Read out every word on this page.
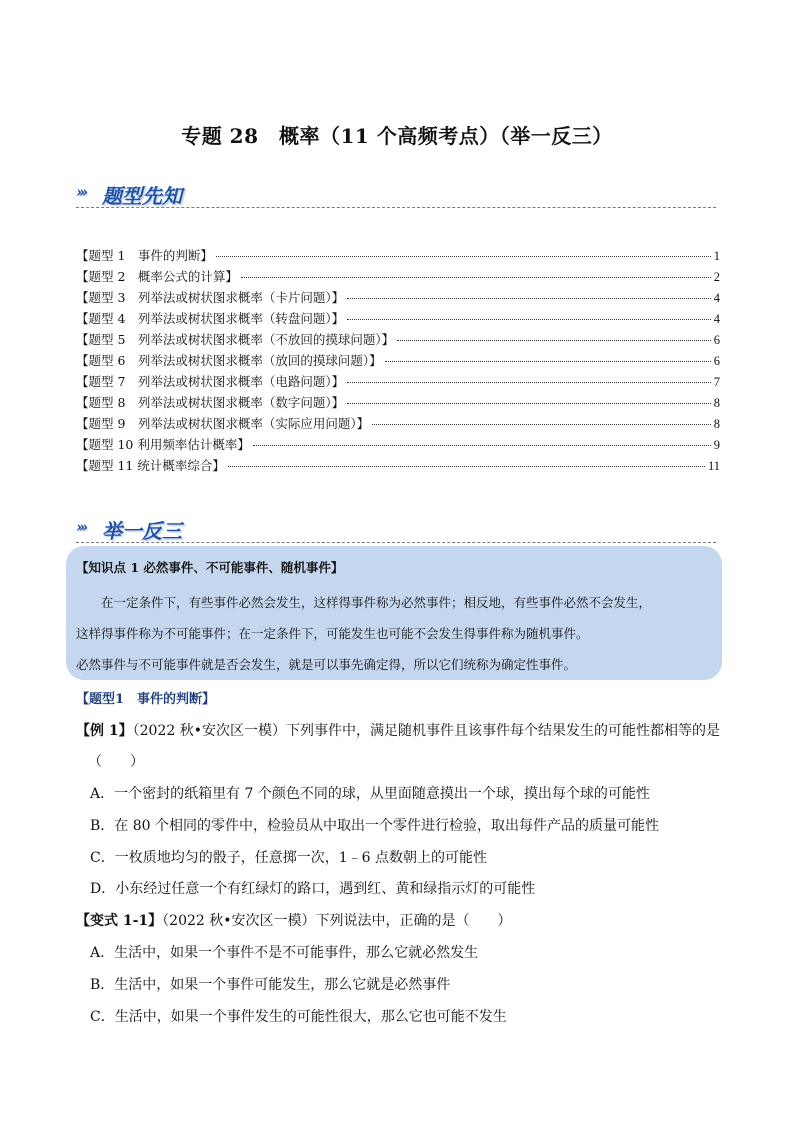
专题 28　概率（11 个高频考点）（举一反三）
››› 题型先知
【题型 1　事件的判断】	1
【题型 2　概率公式的计算】	2
【题型 3　列举法或树状图求概率（卡片问题）】	4
【题型 4　列举法或树状图求概率（转盘问题）】	4
【题型 5　列举法或树状图求概率（不放回的摸球问题）】	6
【题型 6　列举法或树状图求概率（放回的摸球问题）】	6
【题型 7　列举法或树状图求概率（电路问题）】	7
【题型 8　列举法或树状图求概率（数字问题）】	8
【题型 9　列举法或树状图求概率（实际应用问题）】	8
【题型 10 利用频率估计概率】	9
【题型 11 统计概率综合】	11
››› 举一反三
【知识点 1 必然事件、不可能事件、随机事件】
在一定条件下，有些事件必然会发生，这样得事件称为必然事件；相反地，有些事件必然不会发生，
这样得事件称为不可能事件；在一定条件下，可能发生也可能不会发生得事件称为随机事件。
必然事件与不可能事件就是否会发生，就是可以事先确定得，所以它们统称为确定性事件。
【题型1　事件的判断】
【例 1】（2022 秋•安次区一模）下列事件中，满足随机事件且该事件每个结果发生的可能性都相等的是
（　　）
A．一个密封的纸箱里有 7 个颜色不同的球，从里面随意摸出一个球，摸出每个球的可能性
B．在 80 个相同的零件中，检验员从中取出一个零件进行检验，取出每件产品的质量可能性
C．一枚质地均匀的骰子，任意掷一次，1﹣6 点数朝上的可能性
D．小东经过任意一个有红绿灯的路口，遇到红、黄和绿指示灯的可能性
【变式 1-1】（2022 秋•安次区一模）下列说法中，正确的是（　　）
A．生活中，如果一个事件不是不可能事件，那么它就必然发生
B．生活中，如果一个事件可能发生，那么它就是必然事件
C．生活中，如果一个事件发生的可能性很大，那么它也可能不发生
